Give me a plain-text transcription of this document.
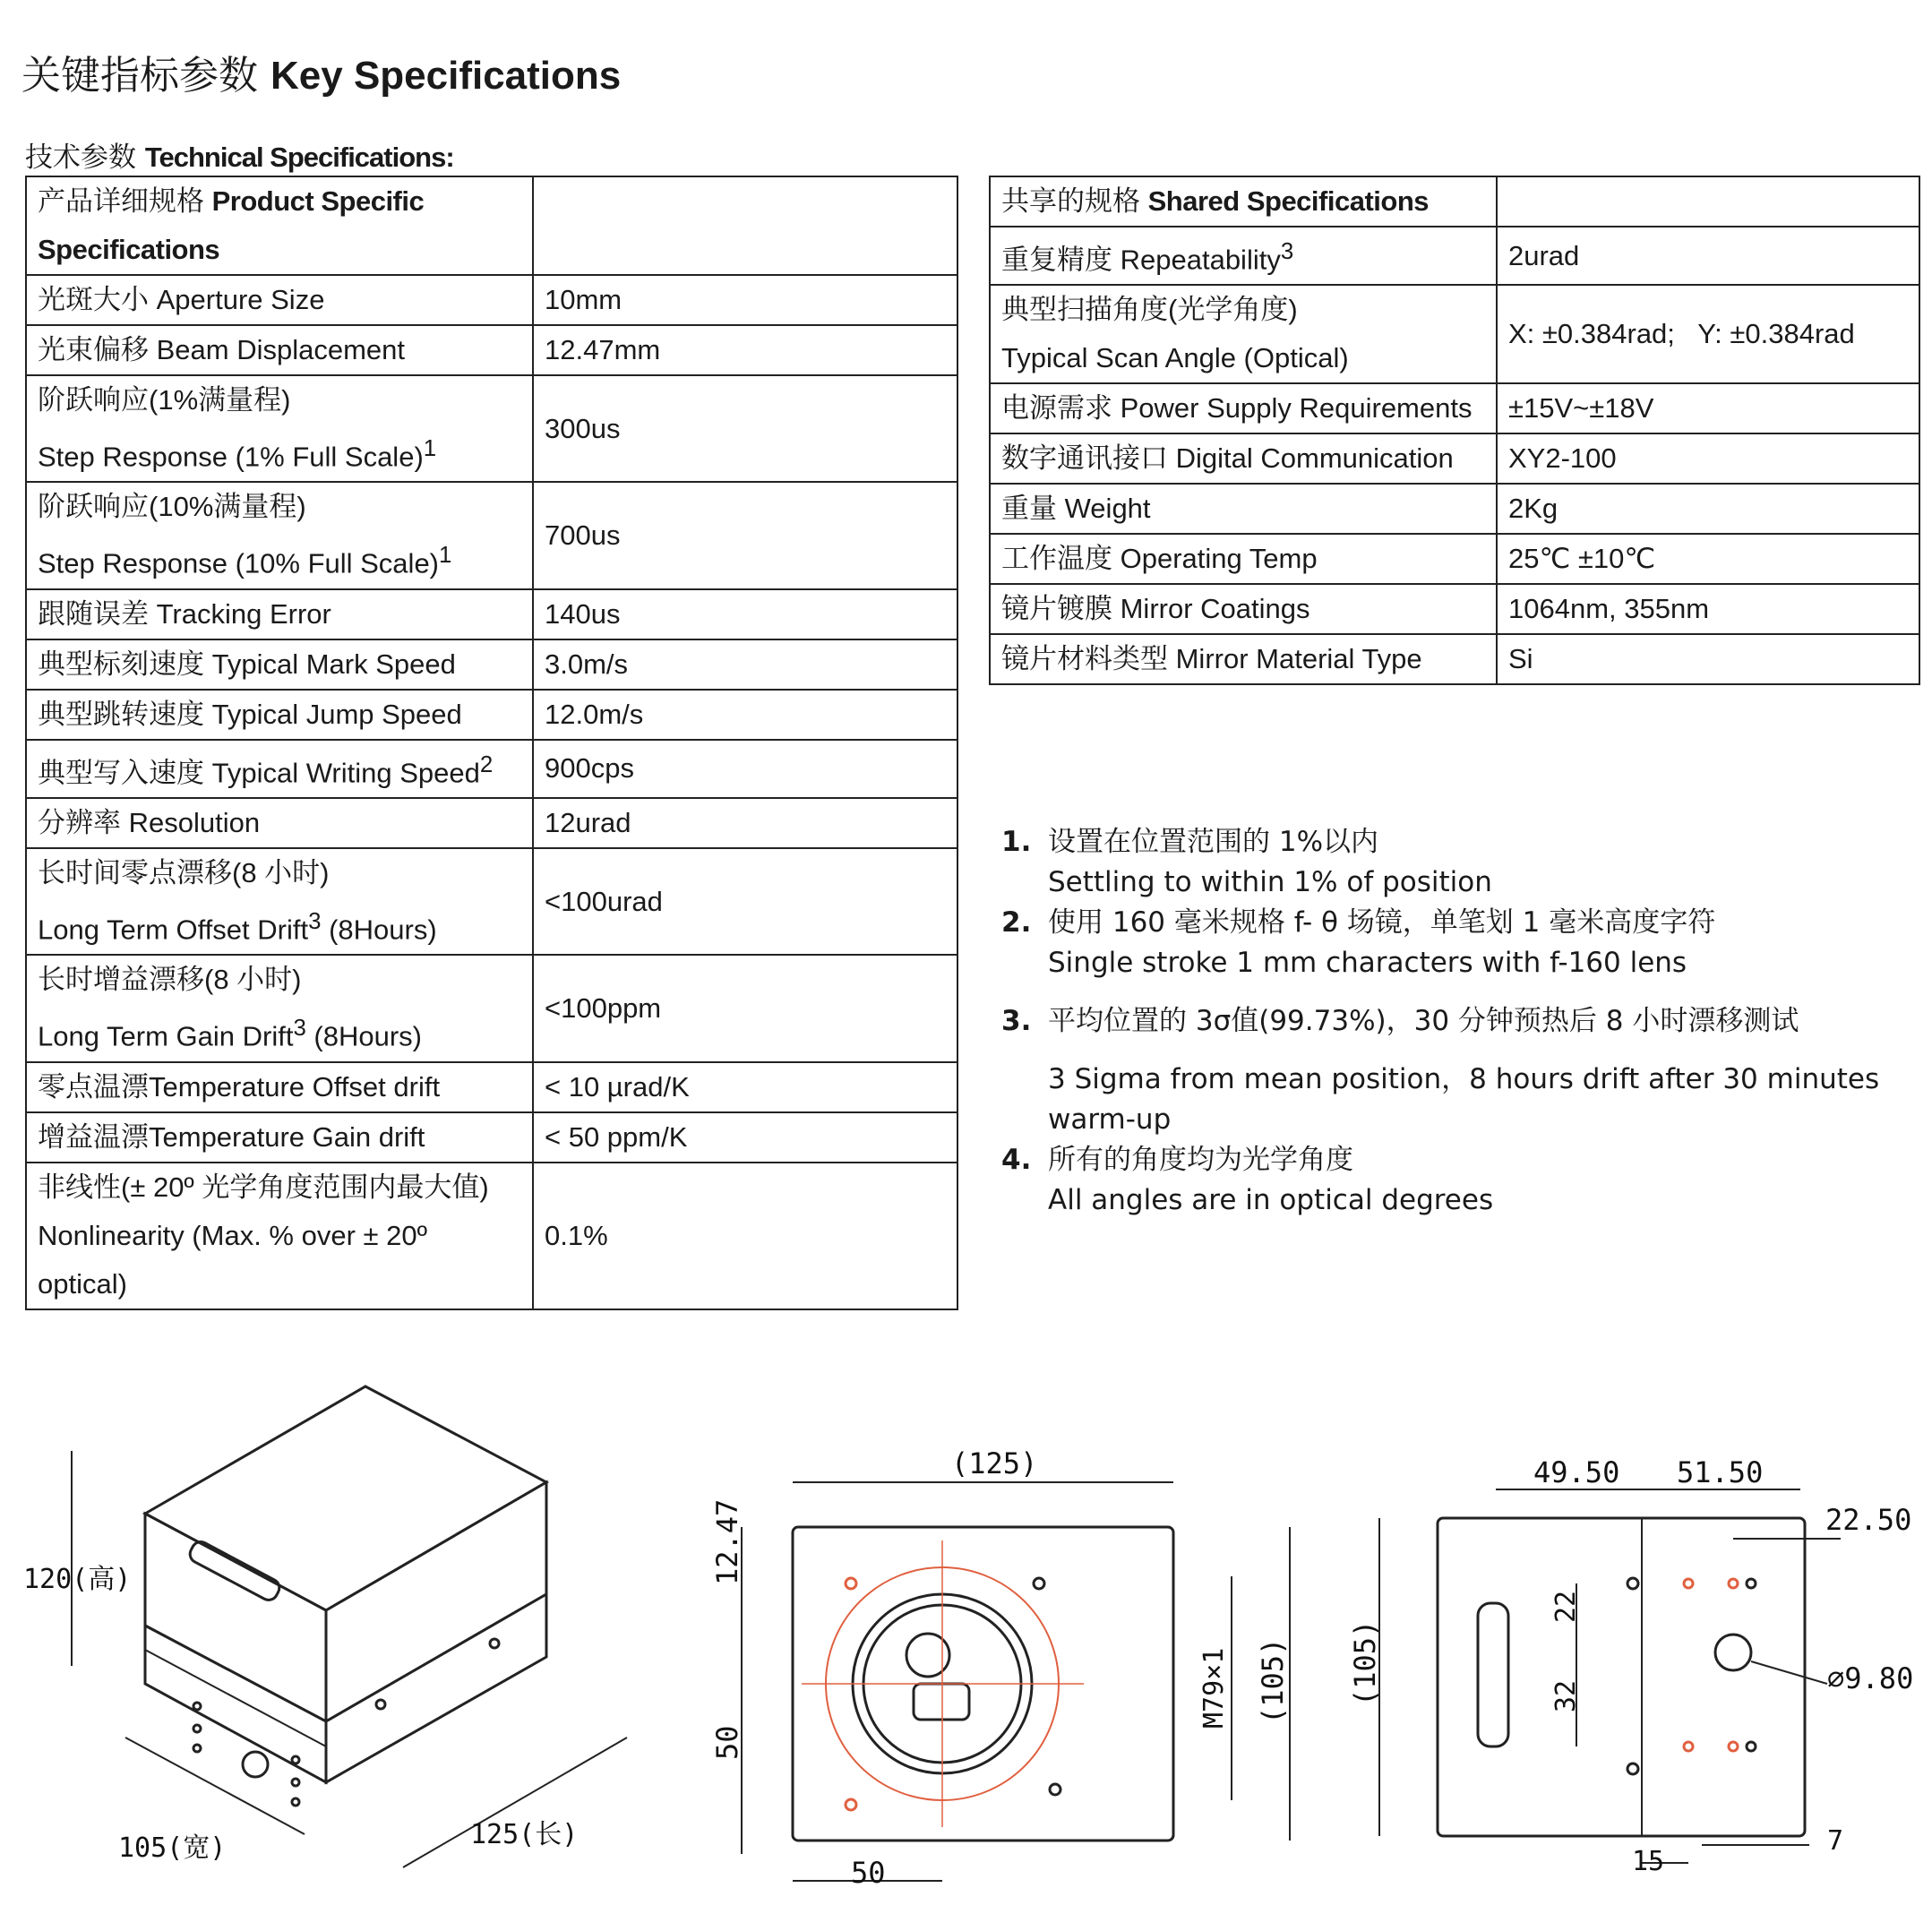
关键指标参数 Key Specifications
技术参数 Technical Specifications:
产品详细规格 Product Specific Specifications	
光斑大小 Aperture Size	10mm
光束偏移 Beam Displacement	12.47mm
阶跃响应(1%满量程)
Step Response (1% Full Scale)$^1$	300us
阶跃响应(10%满量程)
Step Response (10% Full Scale)$^1$	700us
跟随误差 Tracking Error	140us
典型标刻速度 Typical Mark Speed	3.0m/s
典型跳转速度 Typical Jump Speed	12.0m/s
典型写入速度 Typical Writing Speed$^2$	900cps
分辨率 Resolution	12urad
长时间零点漂移(8 小时)
Long Term Offset Drift$^3$ (8Hours)	<100urad
长时增益漂移(8 小时)
Long Term Gain Drift$^3$ (8Hours)	<100ppm
零点温漂Temperature Offset drift	< 10 µrad/K
增益温漂Temperature Gain drift	< 50 ppm/K
非线性(± 20º 光学角度范围内最大值)
Nonlinearity (Max. % over ± 20º optical)	0.1%
共享的规格 Shared Specifications	
重复精度 Repeatability$^3$	2urad
典型扫描角度(光学角度)
Typical Scan Angle (Optical)	X: ±0.384rad;   Y: ±0.384rad
电源需求 Power Supply Requirements	±15V~±18V
数字通讯接口 Digital Communication	XY2-100
重量 Weight	2Kg
工作温度 Operating Temp	25℃ ±10℃
镜片镀膜 Mirror Coatings	1064nm, 355nm
镜片材料类型 Mirror Material Type	Si
1. 设置在位置范围的 1%以内
Settling to within 1% of position
2. 使用 160 毫米规格 f- θ 场镜，单笔划 1 毫米高度字符
Single stroke 1 mm characters with f-160 lens
3. 平均位置的 3σ值(99.73%)，30 分钟预热后 8 小时漂移测试
3 Sigma from mean position，8 hours drift after 30 minutes warm-up
4. 所有的角度均为光学角度
All angles are in optical degrees
120(高)
105(宽)	125(长)
(125)
12.47
50
50
M79×1 (105)
49.50 51.50
22.50
22
32
∅9.80
(105)
15
7
